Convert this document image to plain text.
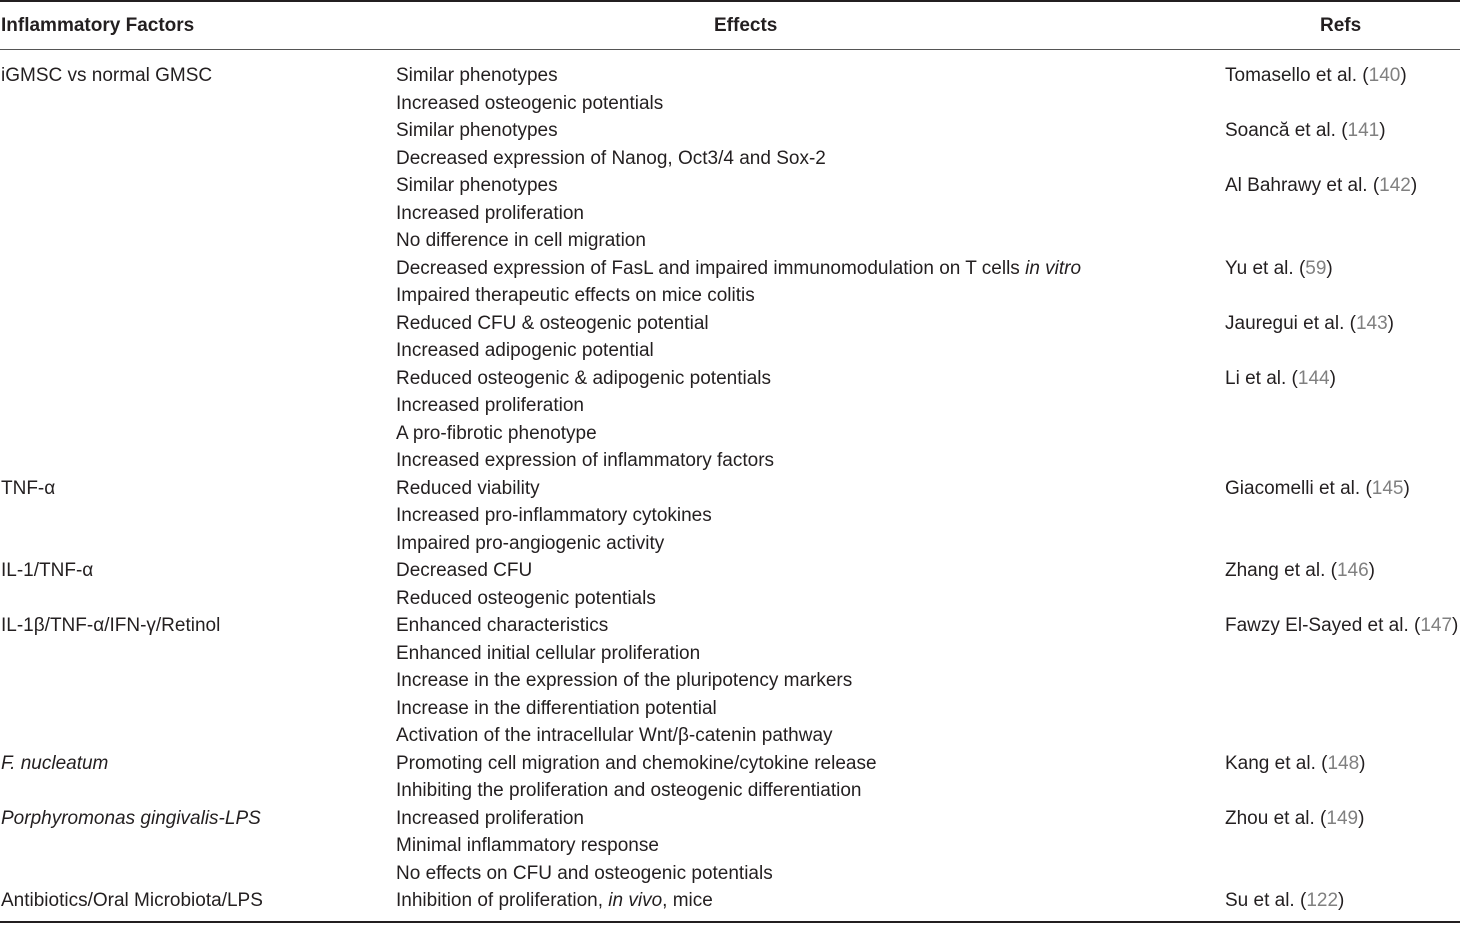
Inflammatory Factors	Effects	Refs
iGMSC vs normal GMSC	Similar phenotypes	Tomasello et al. (140)
Increased osteogenic potentials
Similar phenotypes	Soancă et al. (141)
Decreased expression of Nanog, Oct3/4 and Sox-2
Similar phenotypes	Al Bahrawy et al. (142)
Increased proliferation
No difference in cell migration
Decreased expression of FasL and impaired immunomodulation on T cells in vitro	Yu et al. (59)
Impaired therapeutic effects on mice colitis
Reduced CFU & osteogenic potential	Jauregui et al. (143)
Increased adipogenic potential
Reduced osteogenic & adipogenic potentials	Li et al. (144)
Increased proliferation
A pro-fibrotic phenotype
Increased expression of inflammatory factors
TNF-α	Reduced viability	Giacomelli et al. (145)
Increased pro-inflammatory cytokines
Impaired pro-angiogenic activity
IL-1/TNF-α	Decreased CFU	Zhang et al. (146)
Reduced osteogenic potentials
IL-1β/TNF-α/IFN-γ/Retinol	Enhanced characteristics	Fawzy El-Sayed et al. (147)
Enhanced initial cellular proliferation
Increase in the expression of the pluripotency markers
Increase in the differentiation potential
Activation of the intracellular Wnt/β-catenin pathway
F. nucleatum	Promoting cell migration and chemokine/cytokine release	Kang et al. (148)
Inhibiting the proliferation and osteogenic differentiation
Porphyromonas gingivalis-LPS	Increased proliferation	Zhou et al. (149)
Minimal inflammatory response
No effects on CFU and osteogenic potentials
Antibiotics/Oral Microbiota/LPS	Inhibition of proliferation, in vivo, mice	Su et al. (122)
